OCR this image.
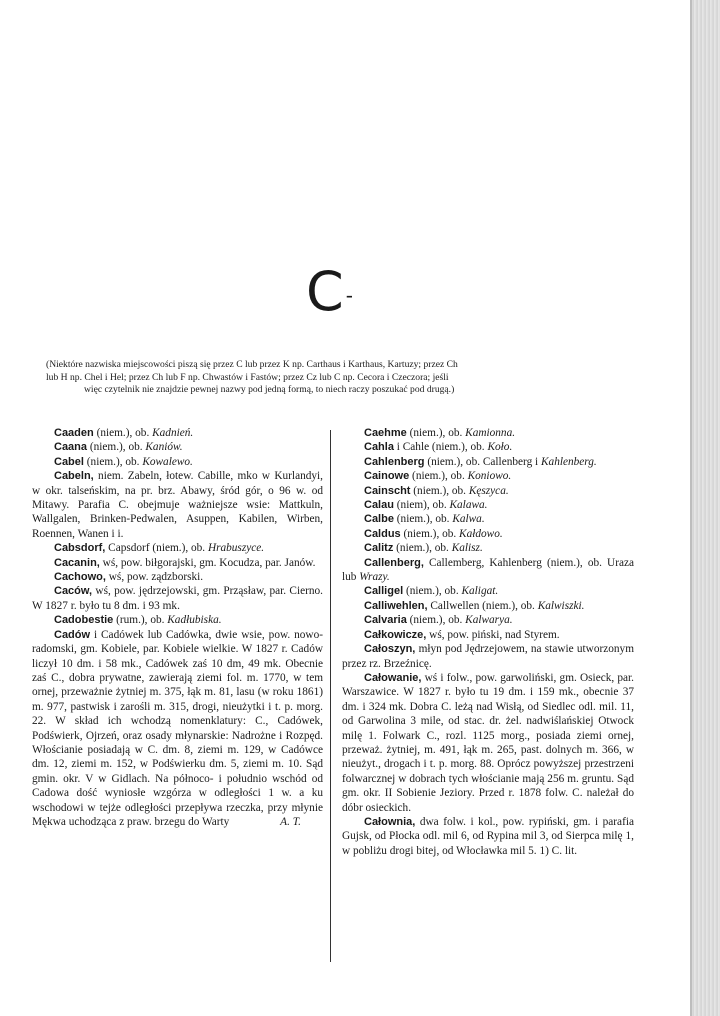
C-
(Niektóre nazwiska miejscowości piszą się przez C lub przez K np. Carthaus i Karthaus, Kartuzy; przez Ch
lub H np. Chel i Hel; przez Ch lub F np. Chwastów i Fastów; przez Cz lub C np. Cecora i Czeczora; jeśli
więc czytelnik nie znajdzie pewnej nazwy pod jedną formą, to niech raczy poszukać pod drugą.)

Caaden (niem.), ob. Kadnień.

Caana (niem.), ob. Kaniów.

Cabel (niem.), ob. Kowalewo.

Cabeln, niem. Zabeln, łotew. Cabille, mko w Kurlandyi, w okr. talseńskim, na pr. brz. Abawy, śród gór, o 96 w. od Mitawy. Parafia C. obejmuje ważniejsze wsie: Mattkuln, Wallgalen, Brinken-Pedwalen, Asuppen, Kabilen, Wirben, Roennen, Wanen i i.

Cabsdorf, Capsdorf (niem.), ob. Hrabuszyce.

Cacanin, wś, pow. biłgorajski, gm. Kocudza, par. Janów.

Cachowo, wś, pow. ządzborski.

Caców, wś, pow. jędrzejowski, gm. Prząsław, par. Cierno. W 1827 r. było tu 8 dm. i 93 mk.

Cadobestie (rum.), ob. Kadłubiska.

Cadów i Cadówek lub Cadówka, dwie wsie, pow. nowo-radomski, gm. Kobiele, par. Kobiele wielkie. W 1827 r. Cadów liczył 10 dm. i 58 mk., Cadówek zaś 10 dm, 49 mk. Obecnie zaś C., dobra prywatne, zawierają ziemi fol. m. 1770, w tem ornej, przeważnie żytniej m. 375, łąk m. 81, lasu (w roku 1861) m. 977, pastwisk i zarośli m. 315, drogi, nieużytki i t. p. morg. 22. W skład ich wchodzą nomenklatury: C., Cadówek, Podświerk, Ojrzeń, oraz osady młynarskie: Nadrożne i Rozpęd. Włościanie posiadają w C. dm. 8, ziemi m. 129, w Cadówce dm. 12, ziemi m. 152, w Podświerku dm. 5, ziemi m. 10. Sąd gmin. okr. V w Gidlach. Na północo- i południo wschód od Cadowa dość wyniosłe wzgórza w odległości 1 w. a ku wschodowi w tejże odległości przepływa rzeczka, przy młynie Mękwa uchodząca z praw. brzegu do Warty	A. T.

Caehme (niem.), ob. Kamionna.

Cahla i Cahle (niem.), ob. Koło.

Cahlenberg (niem.), ob. Callenberg i Kahlenberg.

Cainowe (niem.), ob. Koniowo.

Cainscht (niem.), ob. Kęszyca.

Calau (niem), ob. Kalawa.

Calbe (niem.), ob. Kalwa.

Caldus (niem.), ob. Kałdowo.

Calitz (niem.), ob. Kalisz.

Callenberg, Callemberg, Kahlenberg (niem.), ob. Uraza lub Wrazy.

Calligel (niem.), ob. Kaligat.

Calliwehlen, Callwellen (niem.), ob. Kalwiszki.

Calvaria (niem.), ob. Kalwarya.

Całkowicze, wś, pow. piński, nad Styrem.

Całoszyn, młyn pod Jędrzejowem, na stawie utworzonym przez rz. Brzeźnicę.

Całowanie, wś i folw., pow. garwoliński, gm. Osieck, par. Warszawice. W 1827 r. było tu 19 dm. i 159 mk., obecnie 37 dm. i 324 mk. Dobra C. leżą nad Wisłą, od Siedlec odl. mil. 11, od Garwolina 3 mile, od stac. dr. żel. nadwiślańskiej Otwock milę 1. Folwark C., rozl. 1125 morg., posiada ziemi ornej, przeważ. żytniej, m. 491, łąk m. 265, past. dolnych m. 366, w nieużyt., drogach i t. p. morg. 88. Oprócz powyższej przestrzeni folwarcznej w dobrach tych włościanie mają 256 m. gruntu. Sąd gm. okr. II Sobienie Jeziory. Przed r. 1878 folw. C. należał do dóbr osieckich.

Całownia, dwa folw. i kol., pow. rypiński, gm. i parafia Gujsk, od Płocka odl. mil 6, od Rypina mil 3, od Sierpca milę 1, w pobliżu drogi bitej, od Włocławka mil 5. 1) C. lit.
